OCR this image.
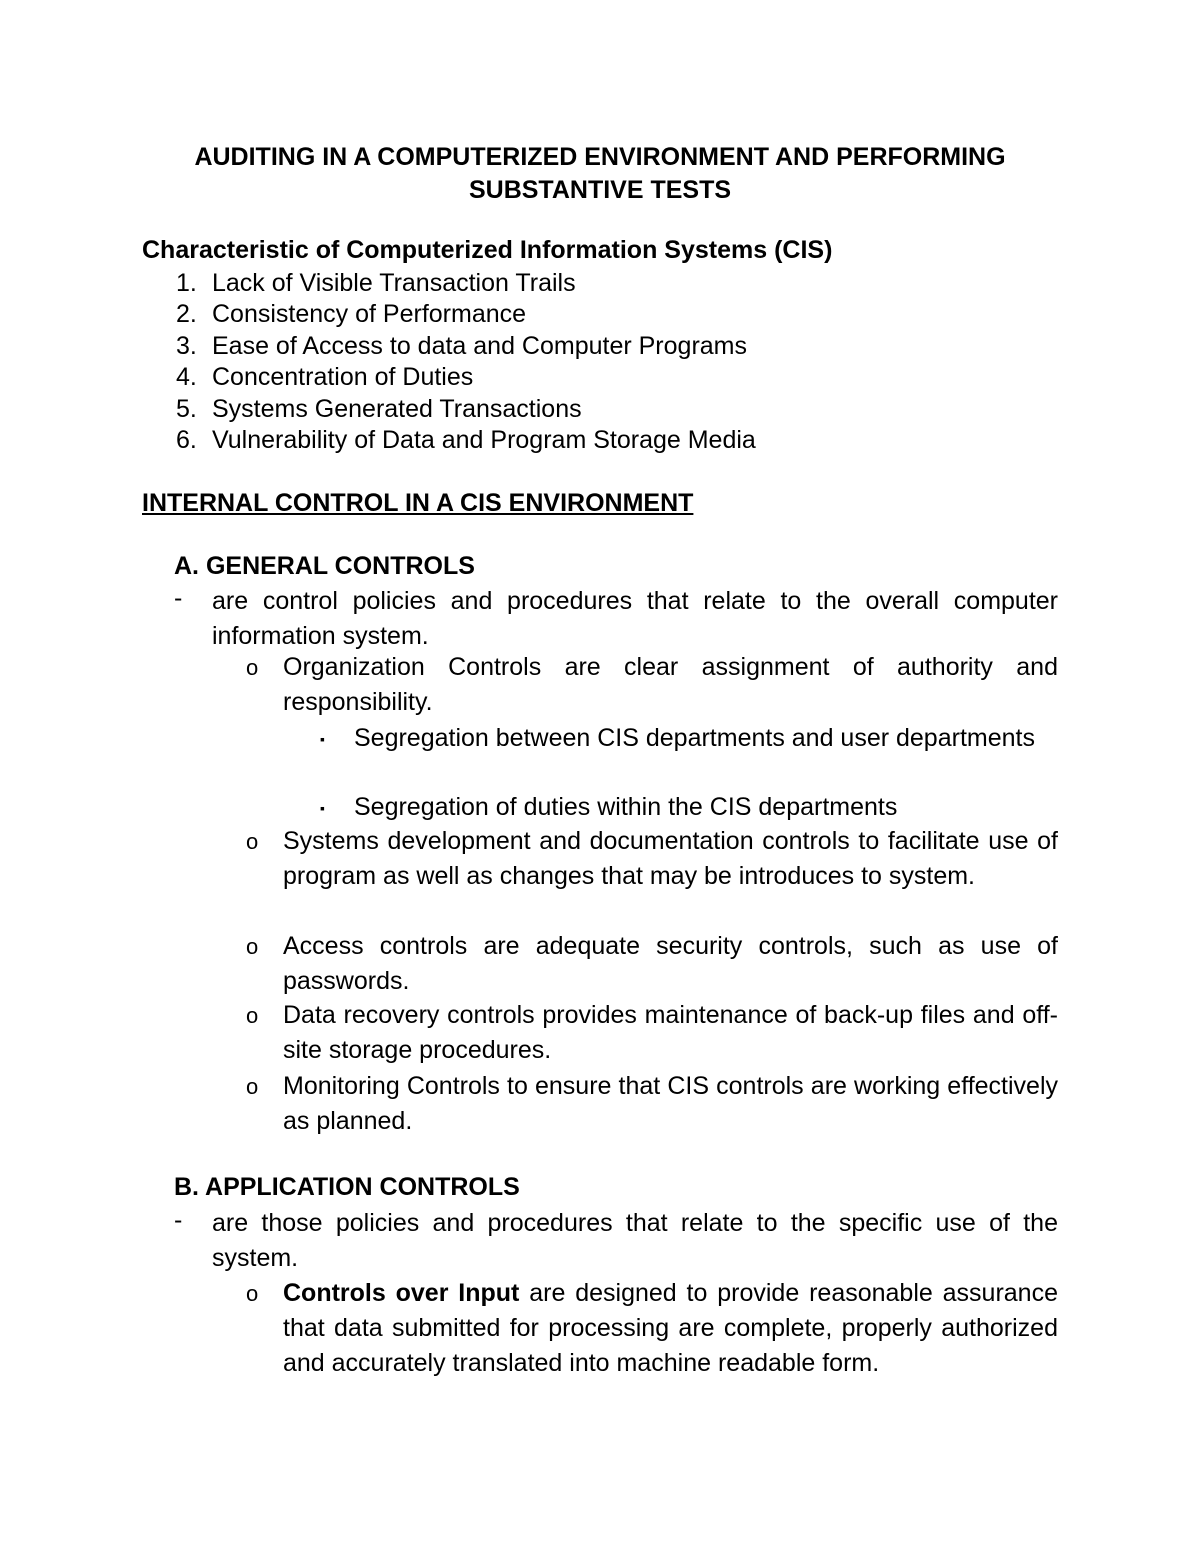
AUDITING IN A COMPUTERIZED ENVIRONMENT AND PERFORMING
SUBSTANTIVE TESTS
Characteristic of Computerized Information Systems (CIS)
1. Lack of Visible Transaction Trails
2. Consistency of Performance
3. Ease of Access to data and Computer Programs
4. Concentration of Duties
5. Systems Generated Transactions
6. Vulnerability of Data and Program Storage Media
INTERNAL CONTROL IN A CIS ENVIRONMENT
A. GENERAL CONTROLS
- are control policies and procedures that relate to the overall computer information system.
o Organization Controls are clear assignment of authority and responsibility.
▪ Segregation between CIS departments and user departments
▪ Segregation of duties within the CIS departments
o Systems development and documentation controls to facilitate use of program as well as changes that may be introduces to system.
o Access controls are adequate security controls, such as use of passwords.
o Data recovery controls provides maintenance of back-up files and off-site storage procedures.
o Monitoring Controls to ensure that CIS controls are working effectively as planned.
B. APPLICATION CONTROLS
- are those policies and procedures that relate to the specific use of the system.
o Controls over Input are designed to provide reasonable assurance that data submitted for processing are complete, properly authorized and accurately translated into machine readable form.
